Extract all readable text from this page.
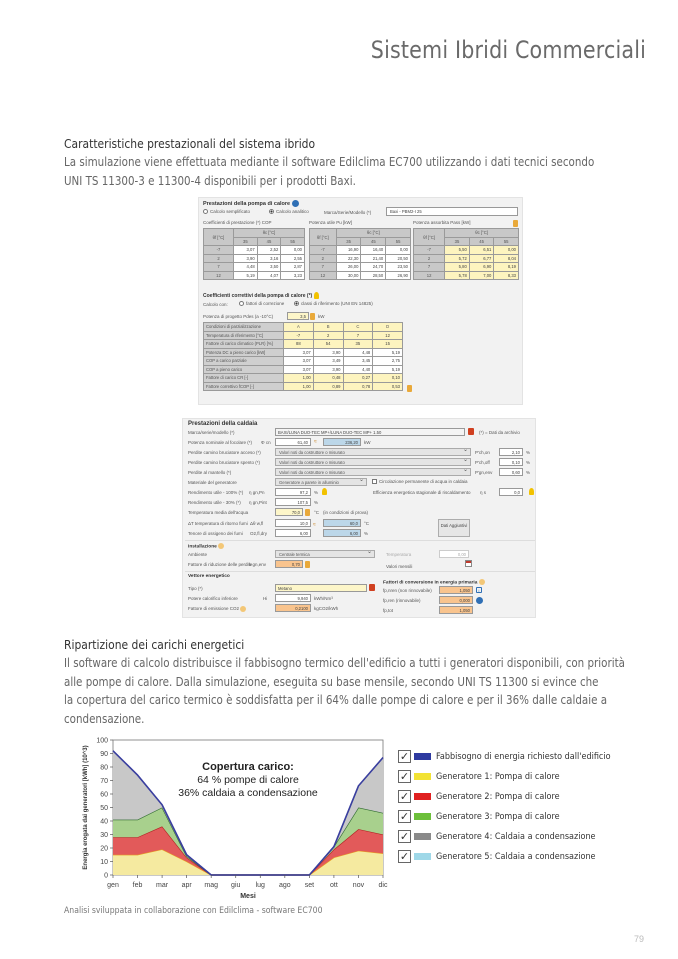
Sistemi Ibridi Commerciali
Caratteristiche prestazionali del sistema ibrido
La simulazione viene effettuata mediante il software Edilclima EC700 utilizzando i dati tecnici secondo
UNI TS 11300-3 e 11300-4 disponibili per i prodotti Baxi.
Prestazioni della pompa di calore
Calcolo semplificato	Calcolo analitico	Marca/Serie/Modello (*)	Baxi - PBM2-I 25
Coefficienti di prestazione (*) COP	Potenza utile Pu [kW]	Potenza assorbita Pass [kW]
θf [°C]	θc [°C]		
	35	45	55
-7	3,07	2,52	0,00
2	3,90	3,16	2,55
7	4,48	3,50	2,87
12	5,19	4,07	3,23
θf [°C]	θc [°C]		
	35	45	55
-7	16,90	16,40	0,00
2	22,30	21,40	20,50
7	26,00	24,70	23,50
12	30,00	28,50	26,90
θf [°C]	θc [°C]		
	35	45	55
-7	5,50	6,51	0,00
2	5,72	6,77	8,04
7	5,80	6,90	8,19
12	5,78	7,00	8,33
Coefficienti correttivi della pompa di calore (*)
Calcolo con:	fattori di correzione	classi di riferimento (UNI EN 14825)
Potenza di progetto Pdes (a -10°C)	3,5	kW
Condizioni di parzializzazione	A	B	C	D
Temperatura di riferimento [°C]	-7	2	7	12
Fattore di carico climatico (PLR) [%]	88	54	35	15
Potenza DC a pieno carico [kW]	3,07	3,90	4,48	5,19
COP a carico parziale	3,07	3,49	3,45	2,75
COP a pieno carico	3,07	3,90	4,40	5,19
Fattore di carico CR [-]	1,00	0,48	0,27	0,10
Fattore correttivo fCOP [-]	1,00	0,89	0,78	0,53
Prestazioni della caldaia
Marca/serie/modello (*)	BAXI/LUNA DUO-TEC MP+/LUNA DUO-TEC MP+ 1.50	(*) = Dati da archivio
Potenza nominale al focolare (*) Φ cn	61,40	≈	236,20	kW
Perdite camino bruciatore acceso (*)	Valori noti da costruttore o misurato ⌄	P'ch,on	2,10	%
Perdite camino bruciatore spento (*)	Valori noti da costruttore o misurato ⌄	P'ch,off	0,10	%
Perdite al mantello (*)	Valori noti da costruttore o misurato ⌄	P'gn,env	0,60	%
Materiale del generatore	Generatore a parete in alluminio ⌄	Circolazione permanente di acqua in caldaia
Rendimento utile - 100% (*) η gn,Pn	97,2	%	Efficienza energetica stagionale di riscaldamento η s	0,0
Rendimento utile - 30% (*) η gn,Pint	107,5	%
Temperatura media dell'acqua	70,0	°C (in condizioni di prova)
ΔT temperatura di ritorno fumi Δθ w,fl	10,0	60,0	°C
≈
Tenore di ossigeno dei fumi O2,fl,dry	6,00	6,00	%
Dati Aggiuntivi
Installazione
Ambiente	Centrale termica ⌄	Temperatura	0,00
Fattore di riduzione delle perdite
k gn,env	0,70	Valori mensili
Vettore energetico
Fattori di conversione in energia primaria
Tipo (*)	Metano	fp,nren (non rinnovabile)	1,050	i
Potere calorifico inferiore	Hi	9,940	kWh/Nm³	fp,ren (rinnovabile)	0,000
Fattore di emissione CO2	0,2100	kgCO2/kWh	fp,tot	1,050
Ripartizione dei carichi energetici
Il software di calcolo distribuisce il fabbisogno termico dell'edificio a tutti i generatori disponibili, con priorità
alle pompe di calore. Dalla simulazione, eseguita su base mensile, secondo UNI TS 11300 si evince che
la copertura del carico termico è soddisfatta per il 64% dalle pompe di calore e per il 36% dalle caldaie a
condensazione.
0
10
20
30
40
50
60
70
80
90
100
gen feb mar apr mag giu lug ago set ott nov dic
Mesi
Energia erogata dai generatori [kWh] (10^3)	Copertura carico:
64 % pompe di calore
36% caldaia a condensazione
✓	Fabbisogno di energia richiesto dall'edificio
✓	Generatore 1: Pompa di calore
✓	Generatore 2: Pompa di calore
✓	Generatore 3: Pompa di calore
✓	Generatore 4: Caldaia a condensazione
✓	Generatore 5: Caldaia a condensazione
Analisi sviluppata in collaborazione con Edilclima - software EC700
79
